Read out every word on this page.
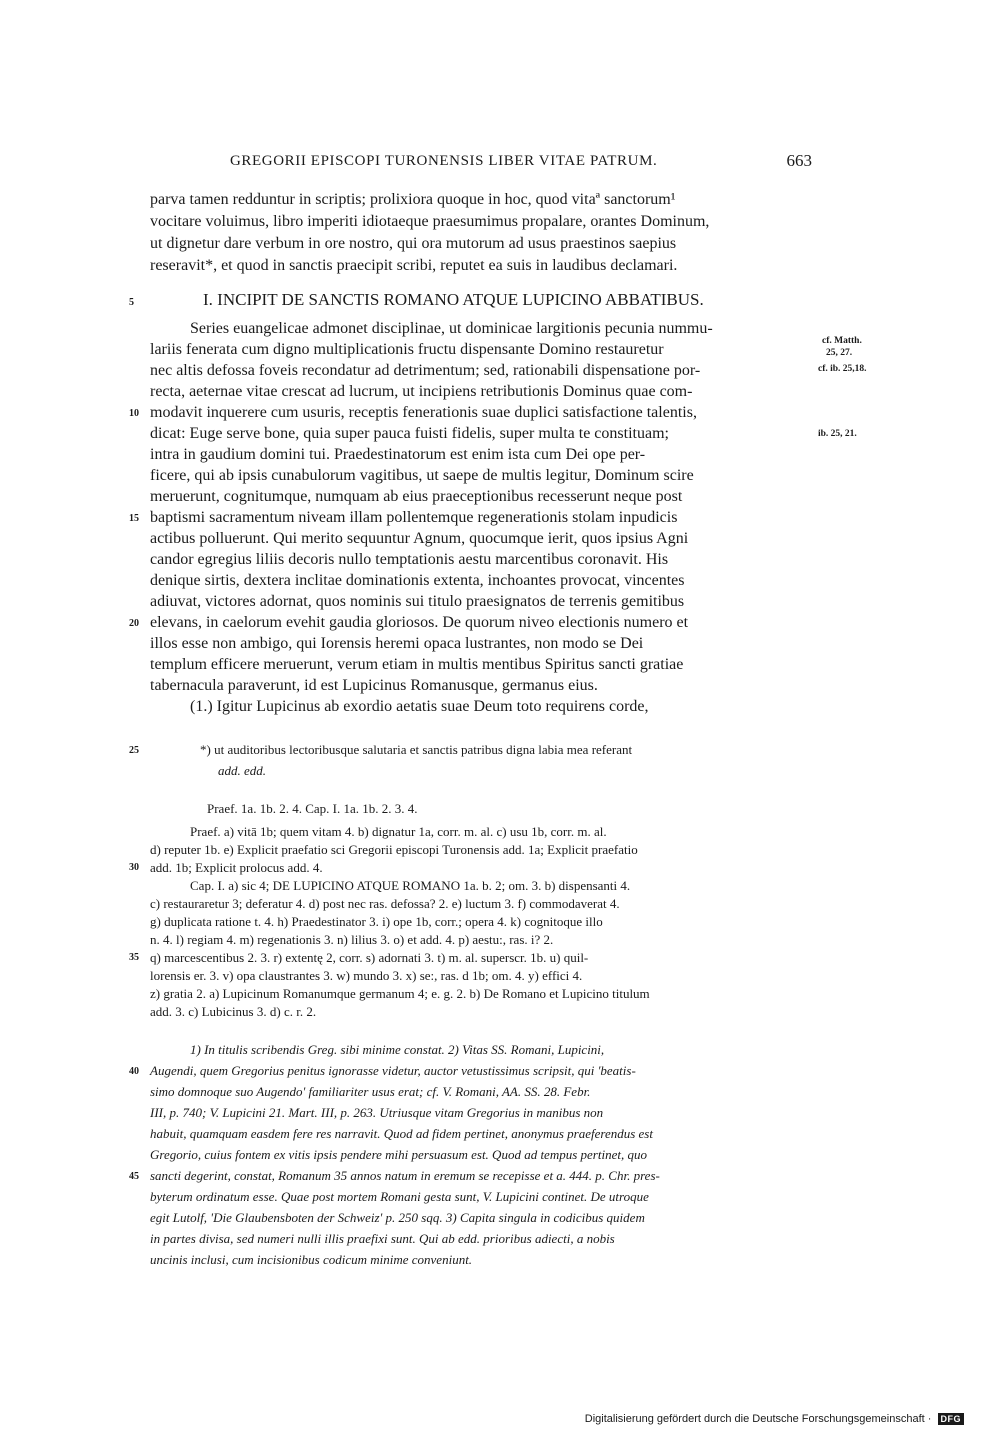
GREGORII EPISCOPI TURONENSIS LIBER VITAE PATRUM.	663
parva tamen redduntur in scriptis; prolixiora quoque in hoc, quod vitaª sanctorum¹
vocitare voluimus, libro imperiti idiotaeque praesumimus propalare, orantes Dominum,
ut dignetur dare verbum in ore nostro, qui ora mutorum ad usus praestinos saepius
reseravit*, et quod in sanctis praecipit scribi, reputet ea suis in laudibus declamari.
I. INCIPIT DE SANCTIS ROMANO ATQUE LUPICINO ABBATIBUS.
Series euangelicae admonet disciplinae, ut dominicae largitionis pecunia nummu-
lariis fenerata cum digno multiplicationis fructu dispensante Domino restauretur
nec altis defossa foveis recondatur ad detrimentum; sed, rationabili dispensatione por-
recta, aeternae vitae crescat ad lucrum, ut incipiens retributionis Dominus quae com-
modavit inquerere cum usuris, receptis fenerationis suae duplici satisfactione talentis,
dicat: Euge serve bone, quia super pauca fuisti fidelis, super multa te constituam;
intra in gaudium domini tui. Praedestinatorum est enim ista cum Dei ope per-
ficere, qui ab ipsis cunabulorum vagitibus, ut saepe de multis legitur, Dominum scire
meruerunt, cognitumque, numquam ab eius praeceptionibus recesserunt neque post
baptismi sacramentum niveam illam pollentemque regenerationis stolam inpudicis
actibus polluerunt. Qui merito sequuntur Agnum, quocumque ierit, quos ipsius Agni
candor egregius liliis decoris nullo temptationis aestu marcentibus coronavit. His
denique sirtis, dextera inclitae dominationis extenta, inchoantes provocat, vincentes
adiuvat, victores adornat, quos nominis sui titulo praesignatos de terrenis gemitibus
elevans, in caelorum evehit gaudia gloriosos. De quorum niveo electionis numero et
illos esse non ambigo, qui Iorensis heremi opaca lustrantes, non modo se Dei
templum efficere meruerunt, verum etiam in multis mentibus Spiritus sancti gratiae
tabernacula paraverunt, id est Lupicinus Romanusque, germanus eius.
(1.) Igitur Lupicinus ab exordio aetatis suae Deum toto requirens corde,
*) ut auditoribus lectoribusque salutaria et sanctis patribus digna labia mea referant
add. edd.
Praef. 1a. 1b. 2. 4. Cap. I. 1a. 1b. 2. 3. 4.
Praef. a) vitā 1b; quem vitam 4. b) dignatur 1a, corr. m. al. c) usu 1b, corr. m. al.
d) reputer 1b. e) Explicit praefatio sci Gregorii episcopi Turonensis add. 1a; Explicit praefatio
add. 1b; Explicit prolocus add. 4.
Cap. I. a) sic 4; DE LUPICINO ATQUE ROMANO 1a. b. 2; om. 3. b) dispensanti 4.
c) restauraretur 3; deferatur 4. d) post nec ras. defossa? 2. e) luctum 3. f) commodaverat 4.
g) duplicata ratione t. 4. h) Praedestinator 3. i) ope 1b, corr.; opera 4. k) cognitoque illo
n. 4. l) regiam 4. m) regenationis 3. n) lilius 3. o) et add. 4. p) aestu:, ras. i? 2.
q) marcescentibus 2. 3. r) extentę 2, corr. s) adornati 3. t) m. al. superscr. 1b. u) quil-
lorensis er. 3. v) opa claustrantes 3. w) mundo 3. x) se:, ras. d 1b; om. 4. y) effici 4.
z) gratia 2. a) Lupicinum Romanumque germanum 4; e. g. 2. b) De Romano et Lupicino titulum
add. 3. c) Lubicinus 3. d) c. r. 2.
1) In titulis scribendis Greg. sibi minime constat. 2) Vitas SS. Romani, Lupicini,
Augendi, quem Gregorius penitus ignorasse videtur, auctor vetustissimus scripsit, qui 'beatis-
simo domnoque suo Augendo' familiariter usus erat; cf. V. Romani, AA. SS. 28. Febr.
III, p. 740; V. Lupicini 21. Mart. III, p. 263. Utriusque vitam Gregorius in manibus non
habuit, quamquam easdem fere res narravit. Quod ad fidem pertinet, anonymus praeferendus est
Gregorio, cuius fontem ex vitis ipsis pendere mihi persuasum est. Quod ad tempus pertinet, quo
sancti degerint, constat, Romanum 35 annos natum in eremum se recepisse et a. 444. p. Chr. pres-
byterum ordinatum esse. Quae post mortem Romani gesta sunt, V. Lupicini continet. De utroque
egit Lutolf, 'Die Glaubensboten der Schweiz' p. 250 sqq. 3) Capita singula in codicibus quidem
in partes divisa, sed numeri nulli illis praefixi sunt. Qui ab edd. prioribus adiecti, a nobis
uncinis inclusi, cum incisionibus codicum minime conveniunt.
5
10
15
20
25
30
35
40
45
cf. Matth.
25, 27.
cf. ib. 25,18.
ib. 25, 21.
Digitalisierung gefördert durch die Deutsche Forschungsgemeinschaft · DFG
